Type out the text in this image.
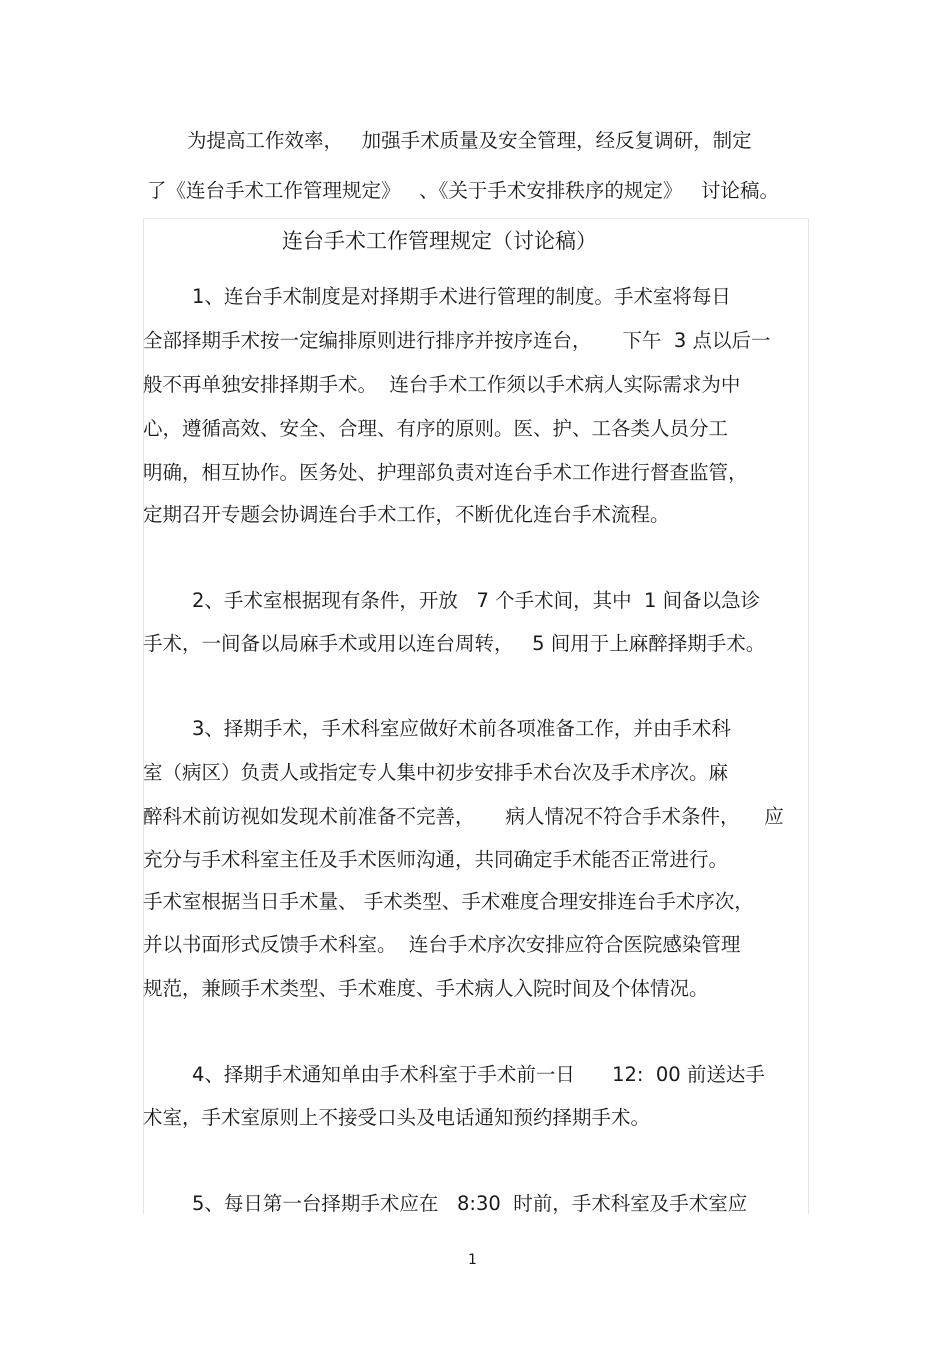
为提高工作效率，   加强手术质量及安全管理，经反复调研，制定
了《连台手术工作管理规定》   、《关于手术安排秩序的规定》   讨论稿。
连台手术工作管理规定（讨论稿）
1、连台手术制度是对择期手术进行管理的制度。手术室将每日
全部择期手术按一定编排原则进行排序并按序连台，     下午  3 点以后一
般不再单独安排择期手术。  连台手术工作须以手术病人实际需求为中
心，遵循高效、安全、合理、有序的原则。医、护、工各类人员分工
明确，相互协作。医务处、护理部负责对连台手术工作进行督查监管，
定期召开专题会协调连台手术工作，不断优化连台手术流程。
2、手术室根据现有条件，开放   7 个手术间，其中  1 间备以急诊
手术，一间备以局麻手术或用以连台周转，   5 间用于上麻醉择期手术。
3、择期手术，手术科室应做好术前各项准备工作，并由手术科
室（病区）负责人或指定专人集中初步安排手术台次及手术序次。麻
醉科术前访视如发现术前准备不完善，     病人情况不符合手术条件，    应
充分与手术科室主任及手术医师沟通，共同确定手术能否正常进行。
手术室根据当日手术量、 手术类型、手术难度合理安排连台手术序次，
并以书面形式反馈手术科室。  连台手术序次安排应符合医院感染管理
规范，兼顾手术类型、手术难度、手术病人入院时间及个体情况。
4、择期手术通知单由手术科室于手术前一日      12:  00 前送达手
术室，手术室原则上不接受口头及电话通知预约择期手术。
5、每日第一台择期手术应在   8:30  时前，手术科室及手术室应
1
